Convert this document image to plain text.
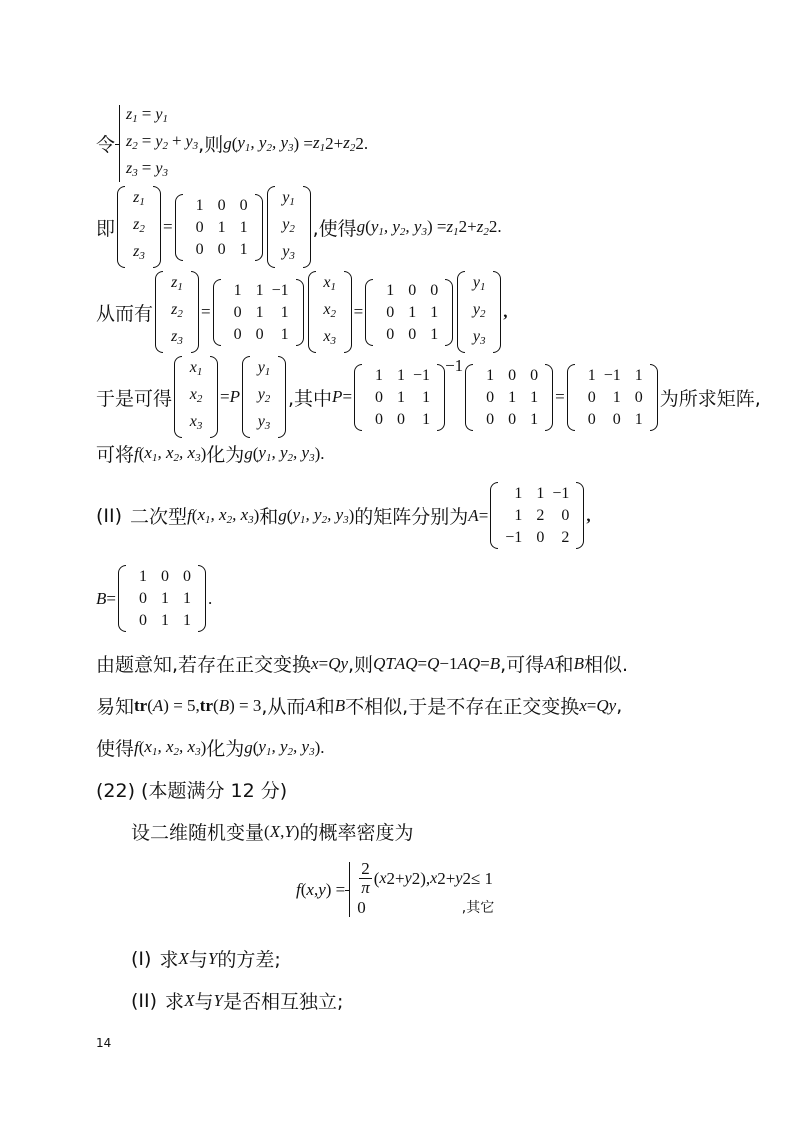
令
$z_1 = y_1$
$z_2 = y_2 + y_3$
$z_3 = y_3$
,则 g ( $y_1$, $y_2$, $y_3$ ) = $z_1$ $2 + z_2$ 2 .
即
$z_1$
$z_2$
$z_3$
=
1 0 0
0 1 1
0 0 1
$y_1$
$y_2$
$y_3$
,使得 g ( $y_1$, $y_2$, $y_3$ ) = $z_1$ $2 + z_2$ 2 .
从而有
$z_1$
$z_2$
$z_3$
=
1 1 −1
0 1	1
0 0	1
$x_1$
$x_2$
$x_3$
=
1 0 0
0 1 1
0 0 1
$y_1$
$y_2$
$y_3$
,
于是可得
$x_1$
$x_2$
$x_3$
= P
$y_1$
$y_2$
$y_3$
,其中 P =
1 1 −1
0 1	1
0 0	1
−1	1 0 0
0 1 1
0 0 1
=
1 −1 1
0	1 0
0	0 1
为所求矩阵,
可将 f ( $x_1$, $x_2$, $x_3$ ) 化为 g ( $y_1$, $y_2$, $y_3$ ) .
(II) 二次型 f ( $x_1$, $x_2$, $x_3$ ) 和 g ( $y_1$, $y_2$, $y_3$ ) 的矩阵分别为 A =
1 1 −1
1 2	0
−1 0	2
,
B =
1 0 0
0 1 1
0 1 1
.
由题意知,若存在正交变换 x = Qy ,则 Q T AQ = Q −1 AQ = B ,可得 A 和 B 相似.
易知 tr ( A ) = 5, tr ( B ) = 3 ,从而 A 和 B 不相似,于是不存在正交变换 x = Qy ,
使得 f ( $x_1$, $x_2$, $x_3$ ) 化为 g ( $y_1$, $y_2$, $y_3$ ) .
(22) (本题满分 12 分)
设二维随机变量 ( X , Y ) 的概率密度为
f ( x , y ) = $\frac{2}{\pi}$ ( x 2 + y 2 ), x 2 + y 2 ≤ 1
0	,其它
(I) 求 X 与 Y 的方差;
(II) 求 X 与 Y 是否相互独立;
14
